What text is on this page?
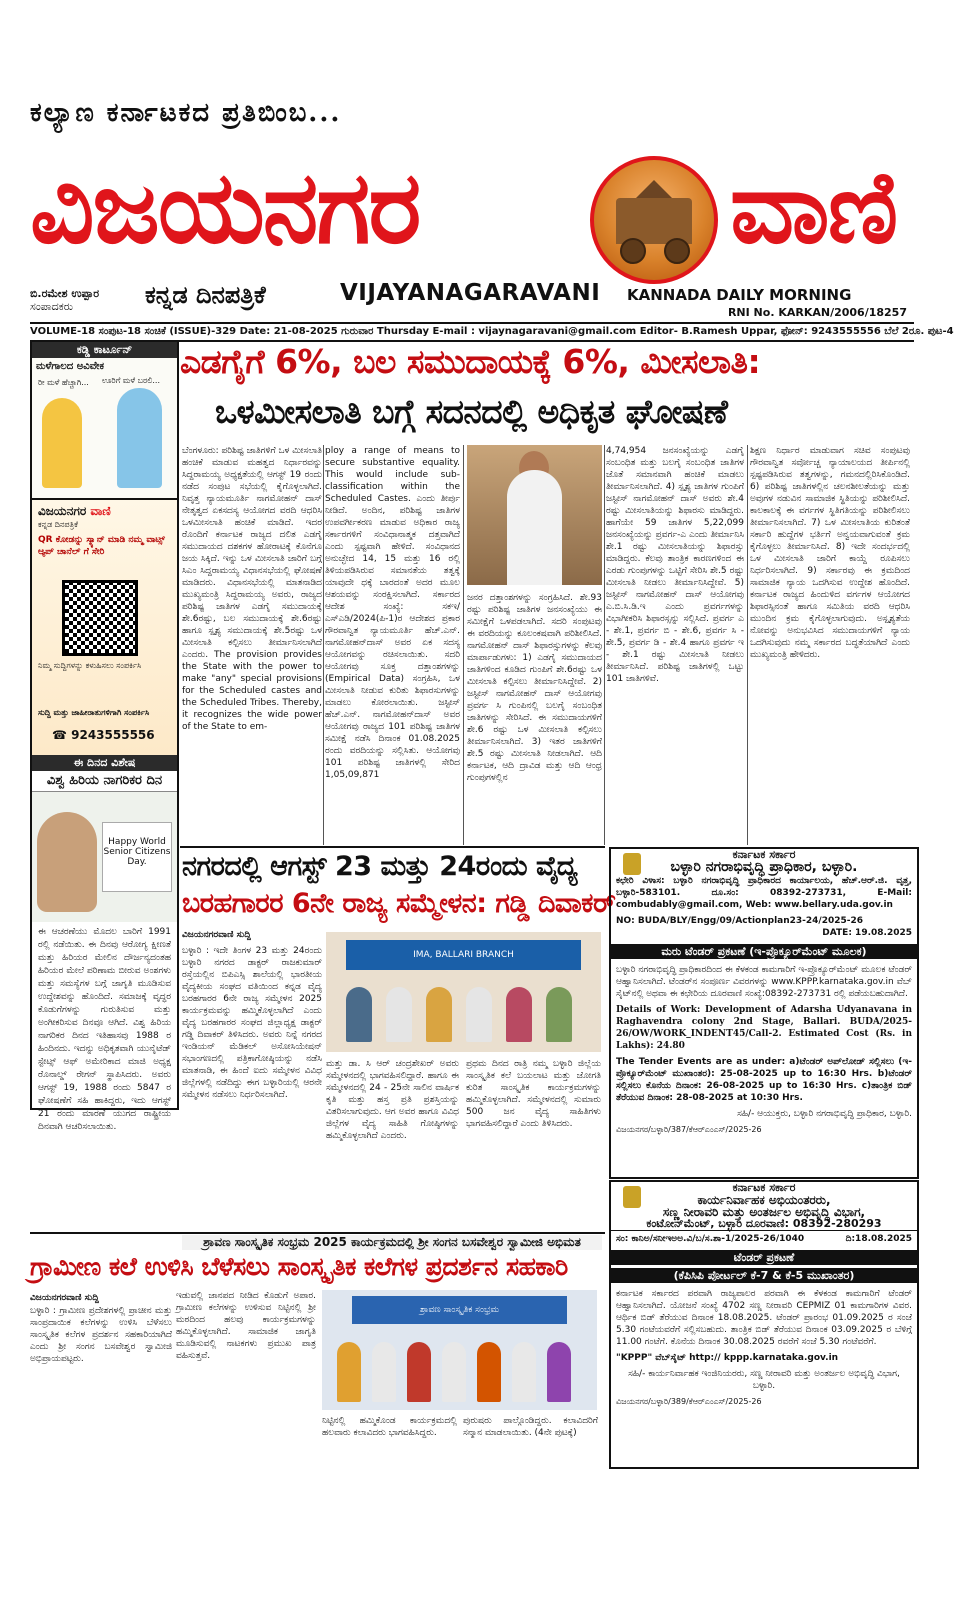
ಕಲ್ಯಾಣ ಕರ್ನಾಟಕದ ಪ್ರತಿಬಿಂಬ...
ವಿಜಯನಗರ	ವಾಣಿ
ಬಿ.ರಮೇಶ ಉಪ್ಪಾರ
ಸಂಪಾದಕರು	ಕನ್ನಡ ದಿನಪತ್ರಿಕೆ	VIJAYANAGARAVANI KANNADA DAILY MORNING
RNI No. KARKAN/2006/18257
VOLUME-18 ಸಂಪುಟ-18 ಸಂಚಿಕೆ (ISSUE)-329 Date: 21-08-2025 ಗುರುವಾರ Thursday E-mail : vijaynagaravani@gmail.com Editor- B.Ramesh Uppar, ಫೋನ್: 9243555556 ಬೆಲೆ 2ರೂ. ಪುಟ-4
ಕಡ್ಡಿ ಕಾರ್ಟೂನ್
ಮಳೆಗಾಲದ ಅವಿವೇಕ
ರೀ ಮಳೆ ಹೆಚ್ಚಾಗಿ... ಊರಿಗೆ ಮಳೆ ಬರಲಿ...
ವಿಜಯನಗರ ವಾಣಿ
ಕನ್ನಡ ದಿನಪತ್ರಿಕೆ
QR ಕೋಡನ್ನು ಸ್ಕ್ಯಾನ್ ಮಾಡಿ ನಮ್ಮ ವಾಟ್ಸ್ ಆ್ಯಪ್ ಚಾನೆಲ್ ಗೆ ಸೇರಿ
ನಿಮ್ಮ ಸುದ್ದಿಗಳನ್ನು ಕಳುಹಿಸಲು ಸಂಪರ್ಕಿಸಿ
ಸುದ್ದಿ ಮತ್ತು ಜಾಹೀರಾತುಗಳಿಗಾಗಿ ಸಂಪರ್ಕಿಸಿ
☎ 9243555556
ಈ ದಿನದ ವಿಶೇಷ
ವಿಶ್ವ ಹಿರಿಯ ನಾಗರಿಕರ ದಿನ
Happy World Senior Citizens Day.
ಈ ಆಚರಣೆಯು ಮೊದಲ ಬಾರಿಗೆ 1991 ರಲ್ಲಿ ನಡೆಯಿತು. ಈ ದಿನವು ಆರೋಗ್ಯ ಕ್ಷೀಣತೆ ಮತ್ತು ಹಿರಿಯರ ಮೇಲಿನ ದೌರ್ಜನ್ಯದಂತಹ ಹಿರಿಯರ ಮೇಲೆ ಪರಿಣಾಮ ಬೀರುವ ಅಂಶಗಳು ಮತ್ತು ಸಮಸ್ಯೆಗಳ ಬಗ್ಗೆ ಜಾಗೃತಿ ಮೂಡಿಸುವ ಉದ್ದೇಶವನ್ನು ಹೊಂದಿದೆ. ಸಮಾಜಕ್ಕೆ ವೃದ್ಧರ ಕೊಡುಗೆಗಳನ್ನು ಗುರುತಿಸುವ ಮತ್ತು ಅಂಗೀಕರಿಸುವ ದಿನವೂ ಆಗಿದೆ. ವಿಶ್ವ ಹಿರಿಯ ನಾಗರಿಕರ ದಿನದ ಇತಿಹಾಸವು 1988 ರ ಹಿಂದಿನದು. ಇದನ್ನು ಅಧಿಕೃತವಾಗಿ ಯುನೈಟೆಡ್ ಸ್ಟೇಟ್ಸ್ ಆಫ್ ಅಮೇರಿಕಾದ ಮಾಜಿ ಅಧ್ಯಕ್ಷ ರೊನಾಲ್ಡ್ ರೇಗನ್ ಸ್ಥಾಪಿಸಿದರು. ಅವರು ಆಗಸ್ಟ್ 19, 1988 ರಂದು 5847 ರ ಘೋಷಣೆಗೆ ಸಹಿ ಹಾಕಿದ್ದರು, ಇದು ಆಗಸ್ಟ್ 21 ರಂದು ಮಾರಣೆ ಯುಗದ ರಾಷ್ಟ್ರೀಯ ದಿನವಾಗಿ ಆಚರಿಸಲಾಯಿತು.
ಎಡಗೈಗೆ 6%, ಬಲ ಸಮುದಾಯಕ್ಕೆ 6%, ಮೀಸಲಾತಿ:
ಒಳಮೀಸಲಾತಿ ಬಗ್ಗೆ ಸದನದಲ್ಲಿ ಅಧಿಕೃತ ಘೋಷಣೆ
ಬೆಂಗಳೂರು: ಪರಿಶಿಷ್ಟ ಜಾತಿಗಳಿಗೆ ಒಳ ಮೀಸಲಾತಿ ಹಂಚಿಕೆ ಮಾಡುವ ಮಹತ್ವದ ನಿರ್ಧಾರವನ್ನು ಸಿದ್ದರಾಮಯ್ಯ ಅಧ್ಯಕ್ಷತೆಯಲ್ಲಿ ಆಗಸ್ಟ್ 19 ರಂದು ನಡೆದ ಸಂಪುಟ ಸಭೆಯಲ್ಲಿ ಕೈಗೊಳ್ಳಲಾಗಿದೆ. ನಿವೃತ್ತ ನ್ಯಾಯಮೂರ್ತಿ ನಾಗಮೋಹನ್ ದಾಸ್ ನೇತೃತ್ವದ ಏಕಸದಸ್ಯ ಆಯೋಗದ ವರದಿ ಆಧರಿಸಿ ಒಳಮೀಸಲಾತಿ ಹಂಚಿಕೆ ಮಾಡಿದೆ. ಇದರ ರೊಂದಿಗೆ ಕರ್ನಾಟಕ ರಾಜ್ಯದ ದಲಿತ ಎಡಗೈ ಸಮುದಾಯದ ದಶಕಗಳ ಹೋರಾಟಕ್ಕೆ ಕೊನೆಗೂ ಜಯ ಸಿಕ್ಕಿದೆ. ಇನ್ನು ಒಳ ಮೀಸಲಾತಿ ಜಾರಿಗೆ ಬಗ್ಗೆ ಸಿಎಂ ಸಿದ್ದರಾಮಯ್ಯ ವಿಧಾನಸಭೆಯಲ್ಲಿ ಘೋಷಣೆ ಮಾಡಿದರು. ವಿಧಾನಸಭೆಯಲ್ಲಿ ಮಾತನಾಡಿದ ಮುಖ್ಯಮಂತ್ರಿ ಸಿದ್ದರಾಮಯ್ಯ ಅವರು, ರಾಜ್ಯದ ಪರಿಶಿಷ್ಟ ಜಾತಿಗಳ ಎಡಗೈ ಸಮುದಾಯಕ್ಕೆ ಶೇ.6ರಷ್ಟು, ಬಲ ಸಮುದಾಯಕ್ಕೆ ಶೇ.6ರಷ್ಟು ಹಾಗೂ ಸ್ಪೃಶ್ಯ ಸಮುದಾಯಕ್ಕೆ ಶೇ.5ರಷ್ಟು ಒಳ ಮೀಸಲಾತಿ ಕಲ್ಪಿಸಲು ತೀರ್ಮಾನಿಸಲಾಗಿದೆ ಎಂದರು. The provision provides the State with the power to make "any" special provisions for the Scheduled castes and the Scheduled Tribes. Thereby, it recognizes the wide power of the State to em-
ploy a range of means to secure substantive equality. This would include sub-classification within the Scheduled Castes. ಎಂದು ತೀರ್ಪು ನೀಡಿದೆ. ಅಂದಿನ, ಪರಿಶಿಷ್ಟ ಜಾತಿಗಳ ಉಪವರ್ಗೀಕರಣ ಮಾಡುವ ಅಧಿಕಾರ ರಾಜ್ಯ ಸರ್ಕಾರಗಳಿಗೆ ಸಂವಿಧಾನಾತ್ಮಕ ದತ್ತವಾಗಿದೆ ಎಂದು ಸ್ಪಷ್ಟವಾಗಿ ಹೇಳಿದೆ. ಸಂವಿಧಾನದ ಅನುಚ್ಛೇದ 14, 15 ಮತ್ತು 16 ರಲ್ಲಿ ತಿಳಿಯಪಡಿಸಿರುವ ಸಮಾನತೆಯ ತತ್ವಕ್ಕೆ ಯಾವುದೇ ಧಕ್ಕೆ ಬಾರದಂತೆ ಅದರ ಮೂಲ ಆಶಯವನ್ನು ಸಂರಕ್ಷಿಸಲಾಗಿದೆ. ಸರ್ಕಾರದ ಆದೇಶ ಸಂಖ್ಯೆ: ಸಕಇ/ಎಸ್‌ಎಡಿ/2024(ಪಿ-1)ರ ಆದೇಶದ ಪ್ರಕಾರ ಗೌರವಾನ್ವಿತ ನ್ಯಾಯಮೂರ್ತಿ ಹೆಚ್.ಎನ್. ನಾಗಮೋಹನ್‌ದಾಸ್ ಅವರ ಏಕ ಸದಸ್ಯ ಆಯೋಗವನ್ನು ರಚಿಸಲಾಯಿತು. ಸದರಿ ಆಯೋಗವು ಸೂಕ್ತ ದತ್ತಾಂಶಗಳನ್ನು (Empirical Data) ಸಂಗ್ರಹಿಸಿ, ಒಳ ಮೀಸಲಾತಿ ನೀಡುವ ಕುರಿತು ಶಿಫಾರಸುಗಳನ್ನು ಮಾಡಲು ಕೋರಲಾಯಿತು. ಜಸ್ಟೀಸ್ ಹೆಚ್.ಎನ್. ನಾಗಮೋಹನ್‌ದಾಸ್ ಅವರ ಆಯೋಗವು ರಾಜ್ಯದ 101 ಪರಿಶಿಷ್ಟ ಜಾತಿಗಳ ಸಮೀಕ್ಷೆ ನಡೆಸಿ ದಿನಾಂಕ 01.08.2025 ರಂದು ವರದಿಯನ್ನು ಸಲ್ಲಿಸಿತು. ಆಯೋಗವು 101 ಪರಿಶಿಷ್ಟ ಜಾತಿಗಳಲ್ಲಿ ಸೇರಿದ 1,05,09,871
ಜನರ ದತ್ತಾಂಶಗಳನ್ನು ಸಂಗ್ರಹಿಸಿದೆ. ಶೇ.93 ರಷ್ಟು ಪರಿಶಿಷ್ಟ ಜಾತಿಗಳ ಜನಸಂಖ್ಯೆಯು ಈ ಸಮೀಕ್ಷೆಗೆ ಒಳಪಡಲಾಗಿದೆ. ಸದರಿ ಸಂಪುಟವು ಈ ವರದಿಯನ್ನು ಕೂಲಂಕಷವಾಗಿ ಪರಿಶೀಲಿಸಿದೆ. ನಾಗಮೋಹನ್ ದಾಸ್ ಶಿಫಾರಸ್ಸುಗಳನ್ನು ಕೆಲವು ಮಾರ್ಪಾಡುಗಳು: 1) ಎಡಗೈ ಸಮುದಾಯದ ಜಾತಿಗಳಿಂದ ಕೂಡಿದ ಗುಂಪಿಗೆ ಶೇ.6ರಷ್ಟು ಒಳ ಮೀಸಲಾತಿ ಕಲ್ಪಿಸಲು ತೀರ್ಮಾನಿಸಿದ್ದೇವೆ. 2) ಜಸ್ಟೀಸ್ ನಾಗಮೋಹನ್ ದಾಸ್ ಆಯೋಗವು ಪ್ರವರ್ಗ ಸಿ ಗುಂಪಿನಲ್ಲಿ ಬಲಗೈ ಸಂಬಂಧಿತ ಜಾತಿಗಳನ್ನು ಸೇರಿಸಿದೆ. ಈ ಸಮುದಾಯಗಳಿಗೆ ಶೇ.6 ರಷ್ಟು ಒಳ ಮೀಸಲಾತಿ ಕಲ್ಪಿಸಲು ತೀರ್ಮಾನಿಸಲಾಗಿದೆ. 3) ಇತರ ಜಾತಿಗಳಿಗೆ ಶೇ.5 ರಷ್ಟು ಮೀಸಲಾತಿ ನೀಡಲಾಗಿದೆ. ಆದಿ ಕರ್ನಾಟಕ, ಆದಿ ದ್ರಾವಿಡ ಮತ್ತು ಆದಿ ಆಂಧ್ರ ಗುಂಪುಗಳಲ್ಲಿನ
4,74,954 ಜನಸಂಖ್ಯೆಯನ್ನು ಎಡಗೈ ಸಂಬಂಧಿತ ಮತ್ತು ಬಲಗೈ ಸಂಬಂಧಿತ ಜಾತಿಗಳ ಜೊತೆ ಸಮಾನವಾಗಿ ಹಂಚಿಕೆ ಮಾಡಲು ತೀರ್ಮಾನಿಸಲಾಗಿದೆ. 4) ಸ್ಪೃಶ್ಯ ಜಾತಿಗಳ ಗುಂಪಿಗೆ ಜಸ್ಟೀಸ್ ನಾಗಮೋಹನ್ ದಾಸ್ ಅವರು ಶೇ.4 ರಷ್ಟು ಮೀಸಲಾತಿಯನ್ನು ಶಿಫಾರಸು ಮಾಡಿದ್ದರು. ಹಾಗೆಯೇ 59 ಜಾತಿಗಳ 5,22,099 ಜನಸಂಖ್ಯೆಯನ್ನು ಪ್ರವರ್ಗ-ಎ ಎಂದು ತೀರ್ಮಾನಿಸಿ ಶೇ.1 ರಷ್ಟು ಮೀಸಲಾತಿಯನ್ನು ಶಿಫಾರಸ್ಸು ಮಾಡಿದ್ದರು. ಕೆಲವು ತಾಂತ್ರಿಕ ಕಾರಣಗಳಿಂದ ಈ ಎರಡು ಗುಂಪುಗಳನ್ನು ಒಟ್ಟಿಗೆ ಸೇರಿಸಿ ಶೇ.5 ರಷ್ಟು ಮೀಸಲಾತಿ ನೀಡಲು ತೀರ್ಮಾನಿಸಿದ್ದೇವೆ. 5) ಜಸ್ಟೀಸ್ ನಾಗಮೋಹನ್ ದಾಸ್ ಆಯೋಗವು ಎ.ಬಿ.ಸಿ.ಡಿ.ಇ ಎಂದು ಪ್ರವರ್ಗಗಳನ್ನು ವಿಭಾಗೀಕರಿಸಿ ಶಿಫಾರಸ್ಸನ್ನು ಸಲ್ಲಿಸಿದೆ. ಪ್ರವರ್ಗ ಎ - ಶೇ.1, ಪ್ರವರ್ಗ ಬಿ - ಶೇ.6, ಪ್ರವರ್ಗ ಸಿ - ಶೇ.5, ಪ್ರವರ್ಗ ಡಿ - ಶೇ.4 ಹಾಗೂ ಪ್ರವರ್ಗ ಇ - ಶೇ.1 ರಷ್ಟು ಮೀಸಲಾತಿ ನೀಡಲು ತೀರ್ಮಾನಿಸಿದೆ. ಪರಿಶಿಷ್ಟ ಜಾತಿಗಳಲ್ಲಿ ಒಟ್ಟು 101 ಜಾತಿಗಳಿವೆ.
ಶಿಕ್ಷಣ ನಿರ್ಧಾರ ಮಾಡುವಾಗ ಸಚಿವ ಸಂಪುಟವು ಗೌರವಾನ್ವಿತ ಸರ್ವೋಚ್ಚ ನ್ಯಾಯಾಲಯದ ತೀರ್ಪಿನಲ್ಲಿ ಸ್ಪಷ್ಟಪಡಿಸಿರುವ ತತ್ವಗಳನ್ನು, ಗಮನದಲ್ಲಿರಿಸಿಕೊಂಡಿದೆ. 6) ಪರಿಶಿಷ್ಟ ಜಾತಿಗಳಲ್ಲಿನ ಚಲನಶೀಲತೆಯನ್ನು ಮತ್ತು ಅವುಗಳ ನಡುವಿನ ಸಾಮಾಜಿಕ ಸ್ಥಿತಿಯನ್ನು ಪರಿಶೀಲಿಸಿದೆ. ಕಾಲಕಾಲಕ್ಕೆ ಈ ವರ್ಗಗಳ ಸ್ಥಿತಿಗತಿಯನ್ನು ಪರಿಶೀಲಿಸಲು ತೀರ್ಮಾನಿಸಲಾಗಿದೆ. 7) ಒಳ ಮೀಸಲಾತಿಯ ಕುರಿತಂತೆ ಸರ್ಕಾರಿ ಹುದ್ದೆಗಳ ಭರ್ತಿಗೆ ಅನ್ವಯವಾಗುವಂತೆ ಕ್ರಮ ಕೈಗೊಳ್ಳಲು ತೀರ್ಮಾನಿಸಿದೆ. 8) ಇದೇ ಸಂದರ್ಭದಲ್ಲಿ ಒಳ ಮೀಸಲಾತಿ ಜಾರಿಗೆ ಕಾಯ್ದೆ ರೂಪಿಸಲು ನಿರ್ಧರಿಸಲಾಗಿದೆ. 9) ಸರ್ಕಾರವು ಈ ಕ್ರಮದಿಂದ ಸಾಮಾಜಿಕ ನ್ಯಾಯ ಒದಗಿಸುವ ಉದ್ದೇಶ ಹೊಂದಿದೆ. ಕರ್ನಾಟಕ ರಾಜ್ಯದ ಹಿಂದುಳಿದ ವರ್ಗಗಳ ಆಯೋಗದ ಶಿಫಾರಸ್ಸಿನಂತೆ ಹಾಗೂ ಸಮಿತಿಯ ವರದಿ ಆಧರಿಸಿ ಮುಂದಿನ ಕ್ರಮ ಕೈಗೊಳ್ಳಲಾಗುವುದು. ಅಸ್ಪೃಶ್ಯತೆಯ ನೋವನ್ನು ಅನುಭವಿಸಿದ ಸಮುದಾಯಗಳಿಗೆ ನ್ಯಾಯ ಒದಗಿಸುವುದು ನಮ್ಮ ಸರ್ಕಾರದ ಬದ್ಧತೆಯಾಗಿದೆ ಎಂದು ಮುಖ್ಯಮಂತ್ರಿ ಹೇಳಿದರು.
ನಗರದಲ್ಲಿ ಆಗಸ್ಟ್ 23 ಮತ್ತು 24ರಂದು ವೈದ್ಯ
ಬರಹಗಾರರ 6ನೇ ರಾಜ್ಯ ಸಮ್ಮೇಳನ: ಗಡ್ಡಿ ದಿವಾಕರ್
ವಿಜಯನಗರವಾಣಿ ಸುದ್ದಿ
ಬಳ್ಳಾರಿ : ಇದೇ ತಿಂಗಳ 23 ಮತ್ತು 24ರಂದು ಬಳ್ಳಾರಿ ನಗರದ ಡಾಕ್ಟರ್ ರಾಜಕುಮಾರ್ ರಸ್ತೆಯಲ್ಲಿನ ಬಿಪಿಎಸ್ಸಿ ಶಾಲೆಯಲ್ಲಿ ಭಾರತೀಯ ವೈದ್ಯಕೀಯ ಸಂಘದ ವತಿಯಿಂದ ಕನ್ನಡ ವೈದ್ಯ ಬರಹಗಾರರ 6ನೇ ರಾಜ್ಯ ಸಮ್ಮೇಳನ 2025 ಕಾರ್ಯಕ್ರಮವನ್ನು ಹಮ್ಮಿಕೊಳ್ಳಲಾಗಿದೆ ಎಂದು ವೈದ್ಯ ಬರಹಗಾರರ ಸಂಘದ ಜಿಲ್ಲಾಧ್ಯಕ್ಷ ಡಾಕ್ಟರ್ ಗಡ್ಡಿ ದಿವಾಕರ್ ತಿಳಿಸಿದರು. ಅವರು ನಿನ್ನೆ ನಗರದ ಇಂಡಿಯನ್ ಮೆಡಿಕಲ್ ಅಸೋಸಿಯೇಷನ್ ಸಭಾಂಗಣದಲ್ಲಿ ಪತ್ರಿಕಾಗೋಷ್ಠಿಯನ್ನು ನಡೆಸಿ ಮಾತನಾಡಿ, ಈ ಹಿಂದೆ ಐದು ಸಮ್ಮೇಳನ ವಿವಿಧ ಜಿಲ್ಲೆಗಳಲ್ಲಿ ನಡೆದಿದ್ದು ಈಗ ಬಳ್ಳಾರಿಯಲ್ಲಿ ಆರನೇ ಸಮ್ಮೇಳನ ನಡೆಸಲು ನಿರ್ಧರಿಸಲಾಗಿದೆ.
IMA, BALLARI BRANCH
ಮತ್ತು ಡಾ. ಸಿ ಆರ್ ಚಂದ್ರಶೇಖರ್ ಅವರು ಸಮ್ಮೇಳನದಲ್ಲಿ ಭಾಗವಹಿಸಲಿದ್ದಾರೆ. ಹಾಗೂ ಈ ಸಮ್ಮೇಳನದಲ್ಲಿ 24 - 25ನೇ ಸಾಲಿನ ವಾರ್ಷಿಕ ಕೃತಿ ಮತ್ತು ಹಸ್ತ ಪ್ರತಿ ಪ್ರಶಸ್ತಿಯನ್ನು ವಿತರಿಸಲಾಗುವುದು. ಆಗ ಅವರ ಹಾಗೂ ವಿವಿಧ ಜಿಲ್ಲೆಗಳ ವೈದ್ಯ ಸಾಹಿತಿ ಗೋಷ್ಠಿಗಳನ್ನು ಹಮ್ಮಿಕೊಳ್ಳಲಾಗಿದೆ ಎಂದರು.
ಪ್ರಥಮ ದಿನದ ರಾತ್ರಿ ನಮ್ಮ ಬಳ್ಳಾರಿ ಜಿಲ್ಲೆಯ ಸಾಂಸ್ಕೃತಿಕ ಕಲೆ ಬಯಲಾಟ ಮತ್ತು ಜೋಗತಿ ಕುರಿತ ಸಾಂಸ್ಕೃತಿಕ ಕಾರ್ಯಕ್ರಮಗಳನ್ನು ಹಮ್ಮಿಕೊಳ್ಳಲಾಗಿದೆ. ಸಮ್ಮೇಳನದಲ್ಲಿ ಸುಮಾರು 500 ಜನ ವೈದ್ಯ ಸಾಹಿತಿಗಳು ಭಾಗವಹಿಸಲಿದ್ದಾರೆ ಎಂದು ತಿಳಿಸಿದರು.
ಕರ್ನಾಟಕ ಸರ್ಕಾರ
ಬಳ್ಳಾರಿ ನಗರಾಭಿವೃದ್ಧಿ ಪ್ರಾಧಿಕಾರ, ಬಳ್ಳಾರಿ.
ಕಛೇರಿ ವಿಳಾಸ: ಬಳ್ಳಾರಿ ನಗರಾಭಿವೃದ್ಧಿ ಪ್ರಾಧಿಕಾರದ ಕಾರ್ಯಾಲಯ, ಹೆಚ್.ಆರ್.ಜಿ. ವೃತ್ತ, ಬಳ್ಳಾರಿ-583101. ದೂ.ಸಂ: 08392-273731, E-Mail: combudably@gmail.com, Web: www.bellary.uda.gov.in
NO: BUDA/BLY/Engg/09/Actionplan23-24/2025-26
DATE: 19.08.2025
ಮರು ಟೆಂಡರ್ ಪ್ರಕಟಣೆ (ಇ-ಪ್ರೊಕ್ಯೂರ್‌ಮೆಂಟ್ ಮೂಲಕ)
ಬಳ್ಳಾರಿ ನಗರಾಭಿವೃದ್ಧಿ ಪ್ರಾಧಿಕಾರದಿಂದ ಈ ಕೆಳಕಂಡ ಕಾಮಗಾರಿಗೆ ಇ-ಪ್ರೊಕ್ಯೂರ್‌ಮೆಂಟ್ ಮೂಲಕ ಟೆಂಡರ್ ಆಹ್ವಾನಿಸಲಾಗಿದೆ. ಟೆಂಡರ್‌ನ ಸಂಪೂರ್ಣ ವಿವರಗಳನ್ನು www.KPPP.karnataka.gov.in ವೆಬ್ ಸೈಟ್‌ನಲ್ಲಿ ಅಥವಾ ಈ ಕಛೇರಿಯ ದೂರವಾಣಿ ಸಂಖ್ಯೆ:08392-273731 ರಲ್ಲಿ ಪಡೆಯಬಹುದಾಗಿದೆ.
Details of Work: Development of Adarsha Udyanavana in Raghavendra colony 2nd Stage, Ballari. BUDA/2025-26/OW/WORK_INDENT45/Call-2. Estimated Cost (Rs. in Lakhs): 24.80
The Tender Events are as under: a)ಟೆಂಡರ್ ಅಪ್‌ಲೋಡ್ ಸಲ್ಲಿಸಲು (ಇ-ಪ್ರೊಕ್ಯೂರ್‌ಮೆಂಟ್ ಮುಖಾಂತರ): 25-08-2025 up to 16:30 Hrs. b)ಟೆಂಡರ್ ಸಲ್ಲಿಸಲು ಕೊನೆಯ ದಿನಾಂಕ: 26-08-2025 up to 16:30 Hrs. c)ತಾಂತ್ರಿಕ ಬಿಡ್ ತೆರೆಯುವ ದಿನಾಂಕ: 28-08-2025 at 10:30 Hrs.
ಸಹಿ/- ಆಯುಕ್ತರು, ಬಳ್ಳಾರಿ ನಗರಾಭಿವೃದ್ಧಿ ಪ್ರಾಧಿಕಾರ, ಬಳ್ಳಾರಿ.
ವಿಜಯನಗರ/ಬಳ್ಳಾರಿ/387/ಕೆಆರ್‌ಎಂಎಸ್/2025-26
ಕರ್ನಾಟಕ ಸರ್ಕಾರ
ಕಾರ್ಯನಿರ್ವಾಹಕ ಅಭಿಯಂತರರು,
ಸಣ್ಣ ನೀರಾವರಿ ಮತ್ತು ಅಂತರ್ಜಲ ಅಭಿವೃದ್ಧಿ ವಿಭಾಗ,
ಕಂಟೋನ್‌ಮೆಂಟ್, ಬಳ್ಳಾರಿ ದೂರವಾಣಿ: 08392-280293
ಸಂ: ಕಾನಿಅ/ಸನೀಇಅಅ.ವಿ/ಬ/ಸ.ಶಾ-1/2025-26/1040	ದಿ:18.08.2025
ಟೆಂಡರ್ ಪ್ರಕಟಣೆ
(ಕೆಪಿಸಿಪಿ ಪೋರ್ಟಲ್ ಕೆ-7 & ಕೆ-5 ಮುಖಾಂತರ)
ಕರ್ನಾಟಕ ಸರ್ಕಾರದ ಪರವಾಗಿ ರಾಜ್ಯಪಾಲರ ಪರವಾಗಿ ಈ ಕೆಳಕಂಡ ಕಾಮಗಾರಿಗೆ ಟೆಂಡರ್ ಆಹ್ವಾನಿಸಲಾಗಿದೆ. ಯೋಜನೆ ಸಂಖ್ಯೆ 4702 ಸಣ್ಣ ನೀರಾವರಿ CEPMIZ 01 ಕಾಮಗಾರಿಗಳ ವಿವರ. ಆರ್ಥಿಕ ಬಿಡ್ ತೆರೆಯುವ ದಿನಾಂಕ 18.08.2025. ಟೆಂಡರ್ ಪ್ರಾರಂಭ 01.09.2025 ರ ಸಂಜೆ 5.30 ಗಂಟೆಯವರೆಗೆ ಸಲ್ಲಿಸಬಹುದು. ತಾಂತ್ರಿಕ ಬಿಡ್ ತೆರೆಯುವ ದಿನಾಂಕ 03.09.2025 ರ ಬೆಳಿಗ್ಗೆ 11.00 ಗಂಟೆಗೆ. ಕೊನೆಯ ದಿನಾಂಕ 30.08.2025 ರವರೆಗೆ ಸಂಜೆ 5.30 ಗಂಟೆವರೆಗೆ.
"KPPP" ವೆಬ್‌ಸೈಟ್ http:// kppp.karnataka.gov.in
ಸಹಿ/- ಕಾರ್ಯನಿರ್ವಾಹಕ ಇಂಜಿನಿಯರರು, ಸಣ್ಣ ನೀರಾವರಿ ಮತ್ತು ಅಂತರ್ಜಲ ಅಭಿವೃದ್ಧಿ ವಿಭಾಗ, ಬಳ್ಳಾರಿ.
ವಿಜಯನಗರ/ಬಳ್ಳಾರಿ/389/ಕೆಆರ್‌ಎಂಎಸ್/2025-26
ಶ್ರಾವಣ ಸಾಂಸ್ಕೃತಿಕ ಸಂಭ್ರಮ 2025 ಕಾರ್ಯಕ್ರಮದಲ್ಲಿ ಶ್ರೀ ಸಂಗನ ಬಸವೇಶ್ವರ ಸ್ವಾಮೀಜಿ ಅಭಿಮತ
ಗ್ರಾಮೀಣ ಕಲೆ ಉಳಿಸಿ ಬೆಳೆಸಲು ಸಾಂಸ್ಕೃತಿಕ ಕಲೆಗಳ ಪ್ರದರ್ಶನ ಸಹಕಾರಿ
ವಿಜಯನಗರವಾಣಿ ಸುದ್ದಿ
ಬಳ್ಳಾರಿ : ಗ್ರಾಮೀಣ ಪ್ರದೇಶಗಳಲ್ಲಿ ಪ್ರಾಚೀನ ಮತ್ತು ಸಾಂಪ್ರದಾಯಿಕ ಕಲೆಗಳನ್ನು ಉಳಿಸಿ ಬೆಳೆಸಲು ಸಾಂಸ್ಕೃತಿಕ ಕಲೆಗಳ ಪ್ರದರ್ಶನ ಸಹಕಾರಿಯಾಗಿದೆ ಎಂದು ಶ್ರೀ ಸಂಗನ ಬಸವೇಶ್ವರ ಸ್ವಾಮೀಜಿ ಅಭಿಪ್ರಾಯಪಟ್ಟರು.
ಇಡುವಲ್ಲಿ ಜಾನಪದ ನೀಡಿದ ಕೊಡುಗೆ ಅಪಾರ. ಗ್ರಾಮೀಣ ಕಲೆಗಳನ್ನು ಉಳಿಸುವ ನಿಟ್ಟಿನಲ್ಲಿ ಶ್ರೀ ಮಠದಿಂದ ಹಲವು ಕಾರ್ಯಕ್ರಮಗಳನ್ನು ಹಮ್ಮಿಕೊಳ್ಳಲಾಗಿದೆ. ಸಾಮಾಜಿಕ ಜಾಗೃತಿ ಮೂಡಿಸುವಲ್ಲಿ ನಾಟಕಗಳು ಪ್ರಮುಖ ಪಾತ್ರ ವಹಿಸುತ್ತವೆ.
ಶ್ರಾವಣ ಸಾಂಸ್ಕೃತಿಕ ಸಂಭ್ರಮ
ನಿಟ್ಟಿನಲ್ಲಿ ಹಮ್ಮಿಕೊಂಡ ಕಾರ್ಯಕ್ರಮದಲ್ಲಿ ಹಲವಾರು ಕಲಾವಿದರು ಭಾಗವಹಿಸಿದ್ದರು.
ಪುರುಷರು ಪಾಲ್ಗೊಂಡಿದ್ದರು. ಕಲಾವಿದರಿಗೆ ಸನ್ಮಾನ ಮಾಡಲಾಯಿತು. (4ನೇ ಪುಟಕ್ಕೆ)
